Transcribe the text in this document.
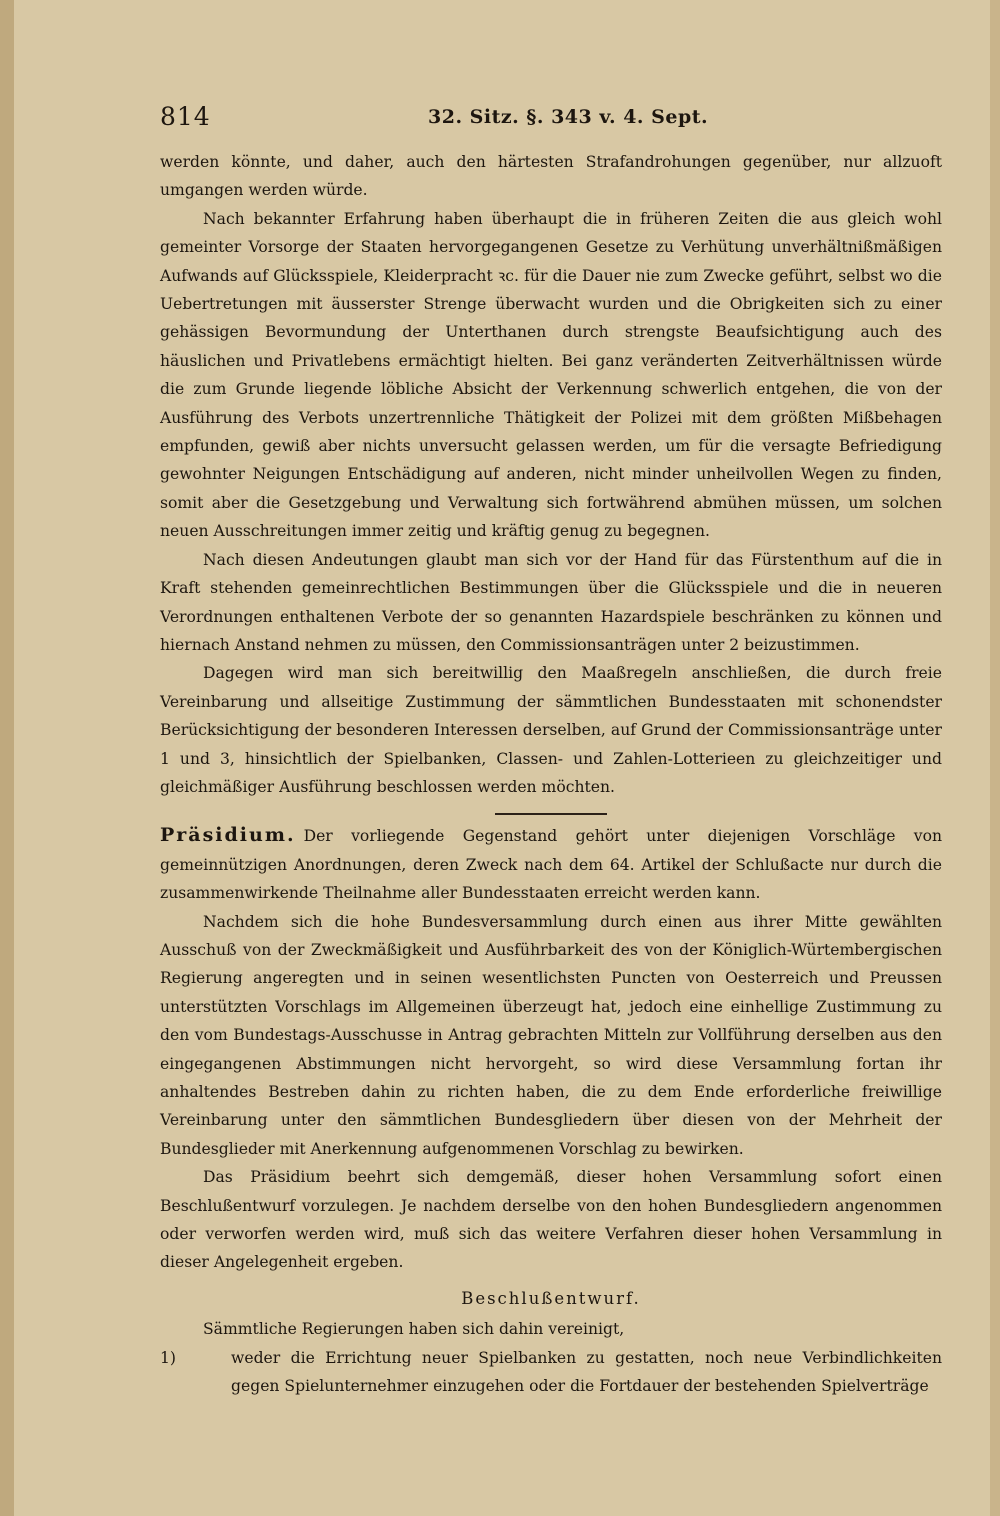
814	32. Sitz. §. 343 v. 4. Sept.

werden könnte, und daher, auch den härtesten Strafandrohungen gegenüber, nur allzuoft umgangen werden würde.

Nach bekannter Erfahrung haben überhaupt die in früheren Zeiten die aus gleich wohl gemeinter Vorsorge der Staaten hervorgegangenen Gesetze zu Verhütung unverhältnißmäßigen Aufwands auf Glücksspiele, Kleiderpracht ꝛc. für die Dauer nie zum Zwecke geführt, selbst wo die Uebertretungen mit äusserster Strenge überwacht wurden und die Obrigkeiten sich zu einer gehässigen Bevormundung der Unterthanen durch strengste Beaufsichtigung auch des häuslichen und Privatlebens ermächtigt hielten. Bei ganz veränderten Zeitverhältnissen würde die zum Grunde liegende löbliche Absicht der Verkennung schwerlich entgehen, die von der Ausführung des Verbots unzertrennliche Thätigkeit der Polizei mit dem größten Mißbehagen empfunden, gewiß aber nichts unversucht gelassen werden, um für die versagte Befriedigung gewohnter Neigungen Entschädigung auf anderen, nicht minder unheilvollen Wegen zu finden, somit aber die Gesetzgebung und Verwaltung sich fortwährend abmühen müssen, um solchen neuen Ausschreitungen immer zeitig und kräftig genug zu begegnen.

Nach diesen Andeutungen glaubt man sich vor der Hand für das Fürstenthum auf die in Kraft stehenden gemeinrechtlichen Bestimmungen über die Glücksspiele und die in neueren Verordnungen enthaltenen Verbote der so genannten Hazardspiele beschränken zu können und hiernach Anstand nehmen zu müssen, den Commissionsanträgen unter 2 beizustimmen.

Dagegen wird man sich bereitwillig den Maaßregeln anschließen, die durch freie Vereinbarung und allseitige Zustimmung der sämmtlichen Bundesstaaten mit schonendster Berücksichtigung der besonderen Interessen derselben, auf Grund der Commissionsanträge unter 1 und 3, hinsichtlich der Spielbanken, Classen- und Zahlen-Lotterieen zu gleichzeitiger und gleichmäßiger Ausführung beschlossen werden möchten.

Präsidium. Der vorliegende Gegenstand gehört unter diejenigen Vorschläge von gemeinnützigen Anordnungen, deren Zweck nach dem 64. Artikel der Schlußacte nur durch die zusammenwirkende Theilnahme aller Bundesstaaten erreicht werden kann.

Nachdem sich die hohe Bundesversammlung durch einen aus ihrer Mitte gewählten Ausschuß von der Zweckmäßigkeit und Ausführbarkeit des von der Königlich-Würtembergischen Regierung angeregten und in seinen wesentlichsten Puncten von Oesterreich und Preussen unterstützten Vorschlags im Allgemeinen überzeugt hat, jedoch eine einhellige Zustimmung zu den vom Bundestags-Ausschusse in Antrag gebrachten Mitteln zur Vollführung derselben aus den eingegangenen Abstimmungen nicht hervorgeht, so wird diese Versammlung fortan ihr anhaltendes Bestreben dahin zu richten haben, die zu dem Ende erforderliche freiwillige Vereinbarung unter den sämmtlichen Bundesgliedern über diesen von der Mehrheit der Bundesglieder mit Anerkennung aufgenommenen Vorschlag zu bewirken.

Das Präsidium beehrt sich demgemäß, dieser hohen Versammlung sofort einen Beschlußentwurf vorzulegen. Je nachdem derselbe von den hohen Bundesgliedern angenommen oder verworfen werden wird, muß sich das weitere Verfahren dieser hohen Versammlung in dieser Angelegenheit ergeben.

Beschlußentwurf.

Sämmtliche Regierungen haben sich dahin vereinigt,

1)	weder die Errichtung neuer Spielbanken zu gestatten, noch neue Verbindlichkeiten gegen Spielunternehmer einzugehen oder die Fortdauer der bestehenden Spielverträge
